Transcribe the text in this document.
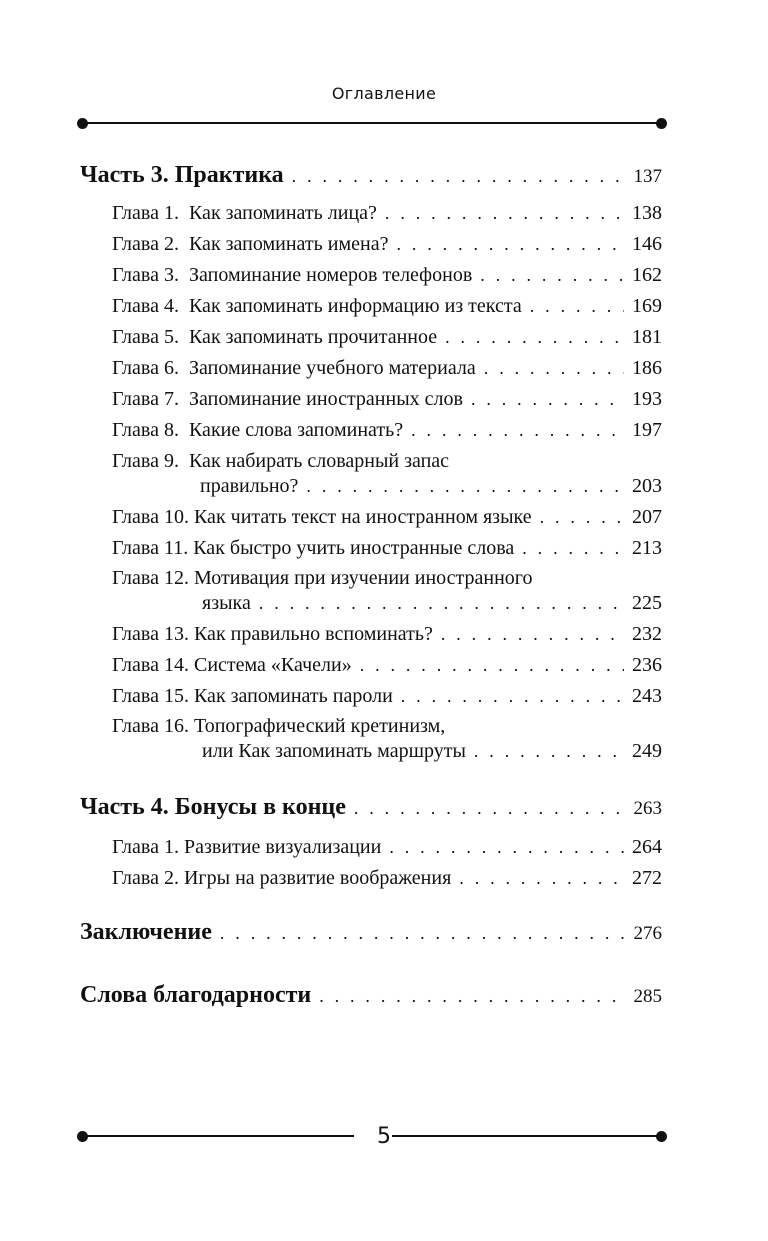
Оглавление
Часть 3. Практика . . .	137
Глава 1. Как запоминать лица? . . .	138
Глава 2. Как запоминать имена? . . .	146
Глава 3. Запоминание номеров телефонов . . .	162
Глава 4. Как запоминать информацию из текста . . .	169
Глава 5. Как запоминать прочитанное . . .	181
Глава 6. Запоминание учебного материала . . .	186
Глава 7. Запоминание иностранных слов . . .	193
Глава 8. Какие слова запоминать? . . .	197
Глава 9. Как набирать словарный запас
правильно? . . .	203
Глава 10. Как читать текст на иностранном языке . . .	207
Глава 11. Как быстро учить иностранные слова . . .	213
Глава 12. Мотивация при изучении иностранного
языка . . .	225
Глава 13. Как правильно вспоминать? . . .	232
Глава 14. Система «Качели» . . .	236
Глава 15. Как запоминать пароли . . .	243
Глава 16. Топографический кретинизм,
или Как запоминать маршруты . . .	249
Часть 4. Бонусы в конце . . .	263
Глава 1. Развитие визуализации . . .	264
Глава 2. Игры на развитие воображения . . .	272
Заключение . . .	276
Слова благодарности . . .	285
5
